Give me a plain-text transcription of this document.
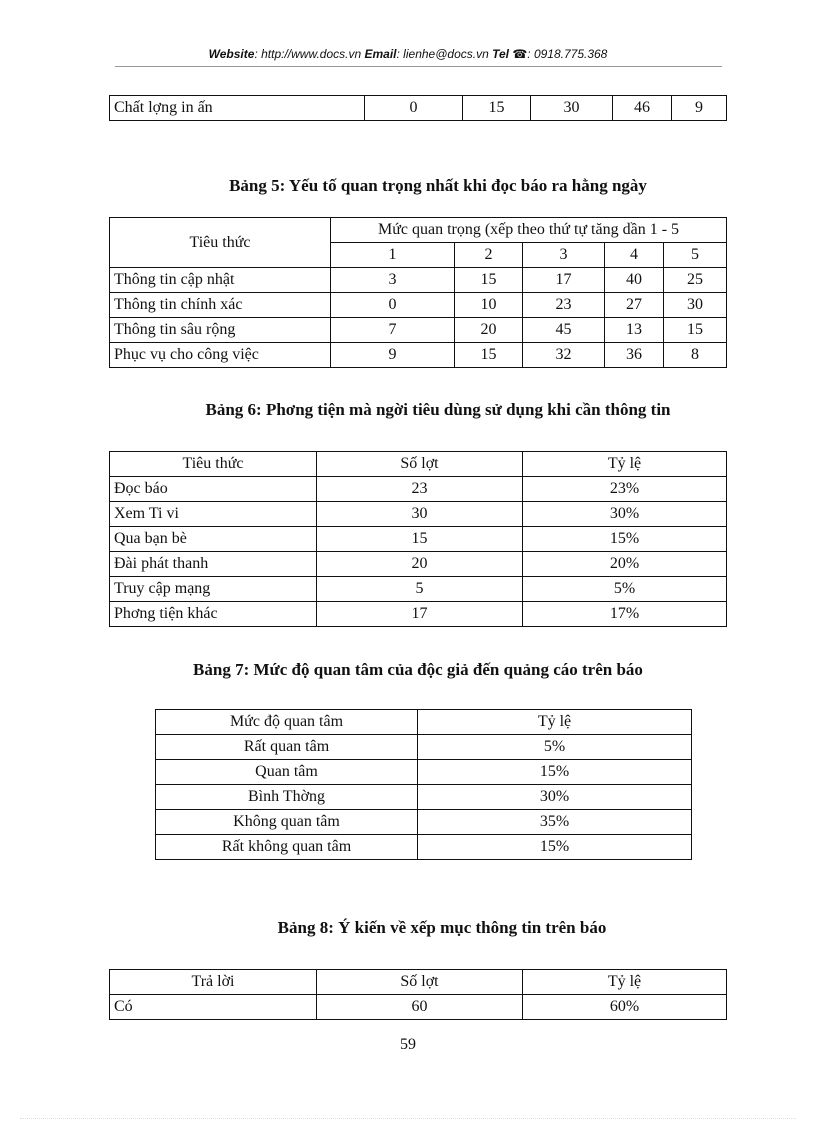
Website: http://www.docs.vn Email: lienhe@docs.vn Tel ☎: 0918.775.368
Chất lợng in ấn	0	15	30	46	9
Bảng 5: Yếu tố quan trọng nhất khi đọc báo ra hằng ngày
Tiêu thức	Mức quan trọng (xếp theo thứ tự tăng dần 1 - 5				
	1	2	3	4	5
Thông tin cập nhật	3	15	17	40	25
Thông tin chính xác	0	10	23	27	30
Thông tin sâu rộng	7	20	45	13	15
Phục vụ cho công việc	9	15	32	36	8
Bảng 6: Phơng tiện mà ngời tiêu dùng sử dụng khi cần thông tin
Tiêu thức	Số lợt	Tỷ lệ
Đọc báo	23	23%
Xem Ti vi	30	30%
Qua bạn bè	15	15%
Đài phát thanh	20	20%
Truy cập mạng	5	5%
Phơng tiện khác	17	17%
Bảng 7: Mức độ quan tâm của độc giả đến quảng cáo trên báo
Mức độ quan tâm	Tỷ lệ
Rất quan tâm	5%
Quan tâm	15%
Bình Thờng	30%
Không quan tâm	35%
Rất không quan tâm	15%
Bảng 8: Ý kiến về xếp mục thông tin trên báo
Trả lời	Số lợt	Tỷ lệ
Có	60	60%
59
